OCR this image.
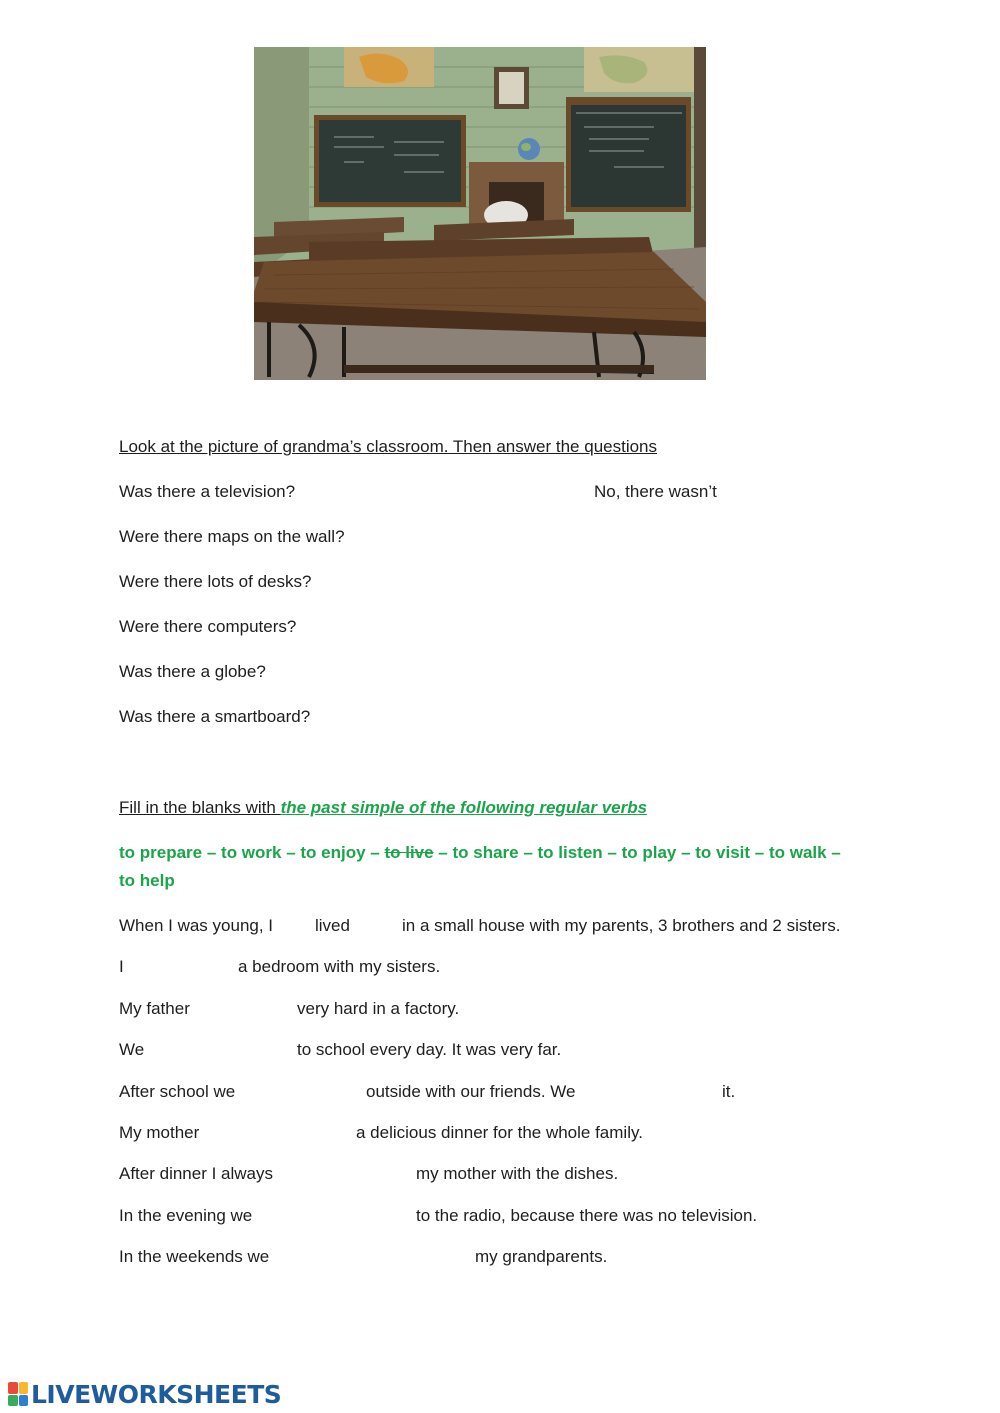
Look at the picture of grandma’s classroom. Then answer the questions
Was there a television?	No, there wasn’t
Were there maps on the wall?
Were there lots of desks?
Were there computers?
Was there a globe?
Was there a smartboard?
Fill in the blanks with the past simple of the following regular verbs
to prepare – to work – to enjoy – to live – to share – to listen – to play – to visit – to walk –
to help
When I was young, I lived	in a small house with my parents, 3 brothers and 2 sisters.
I	a bedroom with my sisters.
My father	very hard in a factory.
We	to school every day. It was very far.
After school we	outside with our friends. We	it.
My mother	a delicious dinner for the whole family.
After dinner I always	my mother with the dishes.
In the evening we	to the radio, because there was no television.
In the weekends we	my grandparents.
LIVEWORKSHEETS
